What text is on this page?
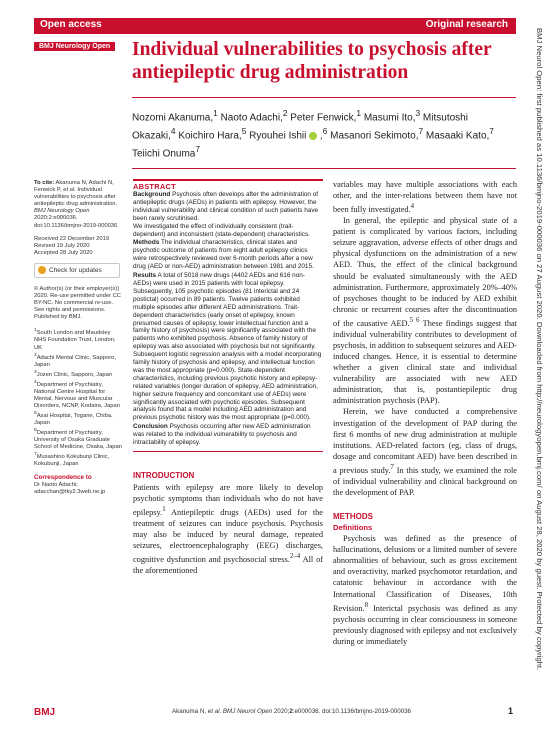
Open access	Original research
BMJ Neurology Open Individual vulnerabilities to psychosis after antiepileptic drug administration
Nozomi Akanuma,$^1$ Naoto Adachi,$^2$ Peter Fenwick,$^1$ Masumi Ito,$^3$ Mitsutoshi Okazaki,$^4$ Koichiro Hara,$^5$ Ryouhei Ishii  ,$^6$ Masanori Sekimoto,$^7$ Masaaki Kato,$^7$ Teiichi Onuma$^7$

To cite: Akanuma N, Adachi N, Fenwick P, et al. Individual vulnerabilities to psychosis after antiepileptic drug administration. BMJ Neurology Open 2020;2:e000036. doi:10.1136/bmjno-2019-000036

Received 22 December 2019
Revised 19 July 2020
Accepted 28 July 2020

Check for updates

© Author(s) (or their employer(s)) 2020. Re-use permitted under CC BY-NC. No commercial re-use. See rights and permissions. Published by BMJ.

$^1$South London and Maudsley NHS Foundation Trust, London, UK
$^2$Adachi Mental Clinic, Sapporo, Japan
$^3$Jozen Clinic, Sapporo, Japan
$^4$Department of Psychiatry, National Centre Hospital for Mental, Nervous and Muscular Disorders, NCNP, Kodaira, Japan
$^5$Asai Hospital, Togane, Chiba, Japan
$^6$Department of Psychiatry, University of Osaka Graduate School of Medicine, Osaka, Japan
$^7$Musashino Kokubunji Clinic, Kokubunji, Japan

Correspondence to

Dr Naoto Adachi;
adacchan@tky2.3web.ne.jp

ABSTRACT

Background Psychosis often develops after the administration of antiepileptic drugs (AEDs) in patients with epilepsy. However, the individual vulnerability and clinical condition of such patients have been rarely scrutinised.
We investigated the effect of individually consistent (trait-dependent) and inconsistent (state-dependent) characteristics.

Methods The individual characteristics, clinical states and psychotic outcome of patients from eight adult epilepsy clinics were retrospectively reviewed over 6-month periods after a new drug (AED or non-AED) administration between 1981 and 2015.

Results A total of 5018 new drugs (4402 AEDs and 616 non-AEDs) were used in 2015 patients with focal epilepsy. Subsequently, 105 psychotic episodes (81 interictal and 24 postictal) occurred in 89 patients. Twelve patients exhibited multiple episodes after different AED administrations. Trait-dependent characteristics (early onset of epilepsy, known presumed causes of epilepsy, lower intellectual function and a family history of psychosis) were significantly associated with the patients who exhibited psychosis. Absence of family history of epilepsy was also associated with psychosis but not significantly. Subsequent logistic regression analysis with a model incorporating family history of psychosis and epilepsy, and intellectual function was the most appropriate (p=0.000). State-dependent characteristics, including previous psychotic history and epilepsy-related variables (longer duration of epilepsy, AED administration, higher seizure frequency and concomitant use of AEDs) were significantly associated with psychotic episodes. Subsequent analysis found that a model including AED administration and previous psychotic history was the most appropriate (p=0.000).

Conclusion Psychosis occurring after new AED administration was related to the individual vulnerability to psychosis and intractability of epilepsy.

INTRODUCTION
Patients with epilepsy are more likely to develop psychotic symptoms than individuals who do not have epilepsy.$^1$ Antiepileptic drugs (AEDs) used for the treatment of seizures can induce psychosis. Psychosis may also be induced by neural damage, repeated seizures, electroencephalography (EEG) discharges, cognitive dysfunction and psychosocial stress.$^{2-4}$ All of the aforementioned

variables may have multiple associations with each other, and the inter-relations between them have not been fully investigated.$^4$

In general, the epileptic and physical state of a patient is complicated by various factors, including seizure aggravation, adverse effects of other drugs and physical dysfunctions on the administration of a new AED. Thus, the effect of the clinical background should be evaluated simultaneously with the AED administration. Furthermore, approximately 20%–40% of psychoses thought to be induced by AED exhibit chronic or recurrent courses after the discontinuation of the causative AED.$^{5 6}$ These findings suggest that individual vulnerability contributes to development of psychosis, in addition to subsequent seizures and AED-induced changes. Hence, it is essential to determine whether a given clinical state and individual vulnerability are associated with new AED administration, that is, postantiepileptic drug administration psychosis (PAP).

Herein, we have conducted a comprehensive investigation of the development of PAP during the first 6 months of new drug administration at multiple institutions. AED-related factors (eg, class of drugs, dosage and concomitant AED) have been described in a previous study.$^7$ In this study, we examined the role of individual vulnerability and clinical background on the development of PAP.

METHODS
Definitions

Psychosis was defined as the presence of hallucinations, delusions or a limited number of severe abnormalities of behaviour, such as gross excitement and overactivity, marked psychomotor retardation, and catatonic behaviour in accordance with the International Classification of Diseases, 10th Revision.$^8$ Interictal psychosis was defined as any psychosis occurring in clear consciousness in someone previously diagnosed with epilepsy and not exclusively during or immediately

BMJ	Akanuma N, et al. BMJ Neurol Open 2020;2:e000036. doi:10.1136/bmjno-2019-000036	1
BMJ Neurol Open: first published as 10.1136/bmjno-2019-000036 on 27 August 2020. Downloaded from http://neurologyopen.bmj.com/ on August 28, 2020 by guest. Protected by copyright.
